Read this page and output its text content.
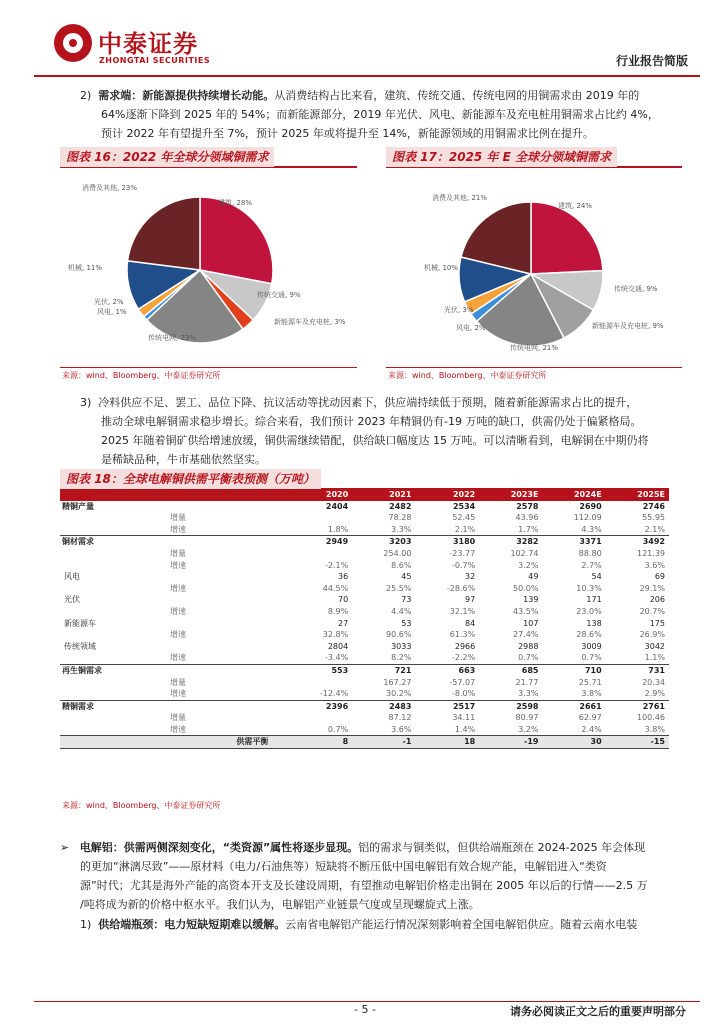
中泰证券
ZHONGTAI SECURITIES	行业报告简版
2) 需求端：新能源提供持续增长动能。从消费结构占比来看，建筑、传统交通、传统电网的用铜需求由 2019 年的
64%逐渐下降到 2025 年的 54%；而新能源部分，2019 年光伏、风电、新能源车及充电桩用铜需求占比约 4%，
预计 2022 年有望提升至 7%，预计 2025 年或将提升至 14%，新能源领域的用铜需求比例在提升。
图表 16：2022 年全球分领域铜需求
消费及其他, 23%
建筑, 28%
传统交通, 9%
新能源车及充电桩, 3%
传统电网, 23%
风电, 1%
光伏, 2%
机械, 11%
来源：wind、Bloomberg、中泰证券研究所
图表 17：2025 年 E 全球分领域铜需求
消费及其他, 21%
建筑, 24%
传统交通, 9%
新能源车及充电桩, 9%
传统电网, 21%
风电, 2%
光伏, 3%
机械, 10%
来源：wind、Bloomberg、中泰证券研究所
3) 冷料供应不足、罢工、品位下降、抗议活动等扰动因素下，供应端持续低于预期，随着新能源需求占比的提升，
推动全球电解铜需求稳步增长。综合来看，我们预计 2023 年精铜仍有-19 万吨的缺口，供需仍处于偏紧格局。
2025 年随着铜矿供给增速放缓，铜供需继续错配，供给缺口幅度达 15 万吨。可以清晰看到，电解铜在中期仍将
是稀缺品种，牛市基础依然坚实。
图表 18：全球电解铜供需平衡表预测（万吨）
	2020	2021	2022	2023E	2024E	2025E
精铜产量	2404	2482	2534	2578	2690	2746
增量		78.28	52.45	43.96	112.09	55.95
增速	1.8%	3.3%	2.1%	1.7%	4.3%	2.1%
铜材需求	2949	3203	3180	3282	3371	3492
增量		254.00	-23.77	102.74	88.80	121.39
增速	-2.1%	8.6%	-0.7%	3.2%	2.7%	3.6%
风电	36	45	32	49	54	69
增速	44.5%	25.5%	-28.6%	50.0%	10.3%	29.1%
光伏	70	73	97	139	171	206
增速	8.9%	4.4%	32.1%	43.5%	23.0%	20.7%
新能源车	27	53	84	107	138	175
增速	32.8%	90.6%	61.3%	27.4%	28.6%	26.9%
传统领域	2804	3033	2966	2988	3009	3042
增速	-3.4%	8.2%	-2.2%	0.7%	0.7%	1.1%
再生铜需求	553	721	663	685	710	731
增量		167.27	-57.07	21.77	25.71	20.34
增速	-12.4%	30.2%	-8.0%	3.3%	3.8%	2.9%
精铜需求	2396	2483	2517	2598	2661	2761
增量		87.12	34.11	80.97	62.97	100.46
增速	0.7%	3.6%	1.4%	3.2%	2.4%	3.8%
供需平衡	8	-1	18	-19	30	-15
来源：wind、Bloomberg、中泰证券研究所
➢ 电解铝：供需两侧深刻变化，“类资源”属性将逐步显现。铝的需求与铜类似，但供给端瓶颈在 2024-2025 年会体现
的更加“淋漓尽致”——原材料（电力/石油焦等）短缺将不断压低中国电解铝有效合规产能，电解铝进入“类资
源”时代；尤其是海外产能的高资本开支及长建设周期，有望推动电解铝价格走出铜在 2005 年以后的行情——2.5 万
/吨将成为新的价格中枢水平。我们认为，电解铝产业链景气度或呈现螺旋式上涨。
1) 供给端瓶颈：电力短缺短期难以缓解。云南省电解铝产能运行情况深刻影响着全国电解铝供应。随着云南水电装
- 5 -	请务必阅读正文之后的重要声明部分
